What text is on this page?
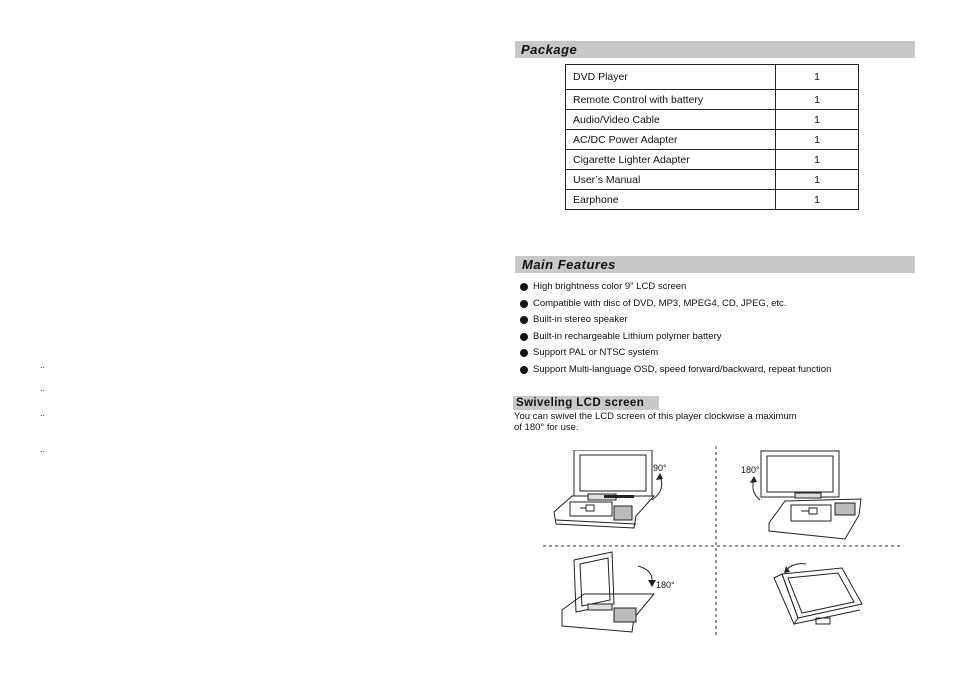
..
..
..
..
Package
DVD Player	1
Remote Control with battery	1
Audio/Video Cable	1
AC/DC Power Adapter	1
Cigarette Lighter Adapter	1
User’s Manual	1
Earphone	1
Main Features
High brightness color 9" LCD screen
Compatible with disc of DVD, MP3, MPEG4, CD, JPEG, etc.
Built-in stereo speaker
Built-in rechargeable Lithium polymer battery
Support PAL or NTSC system
Support Multi-language OSD, speed forward/backward, repeat function
Swiveling LCD screen
You can swivel the LCD screen of this player clockwise a maximum
of 180° for use.
90°	180°
180°
